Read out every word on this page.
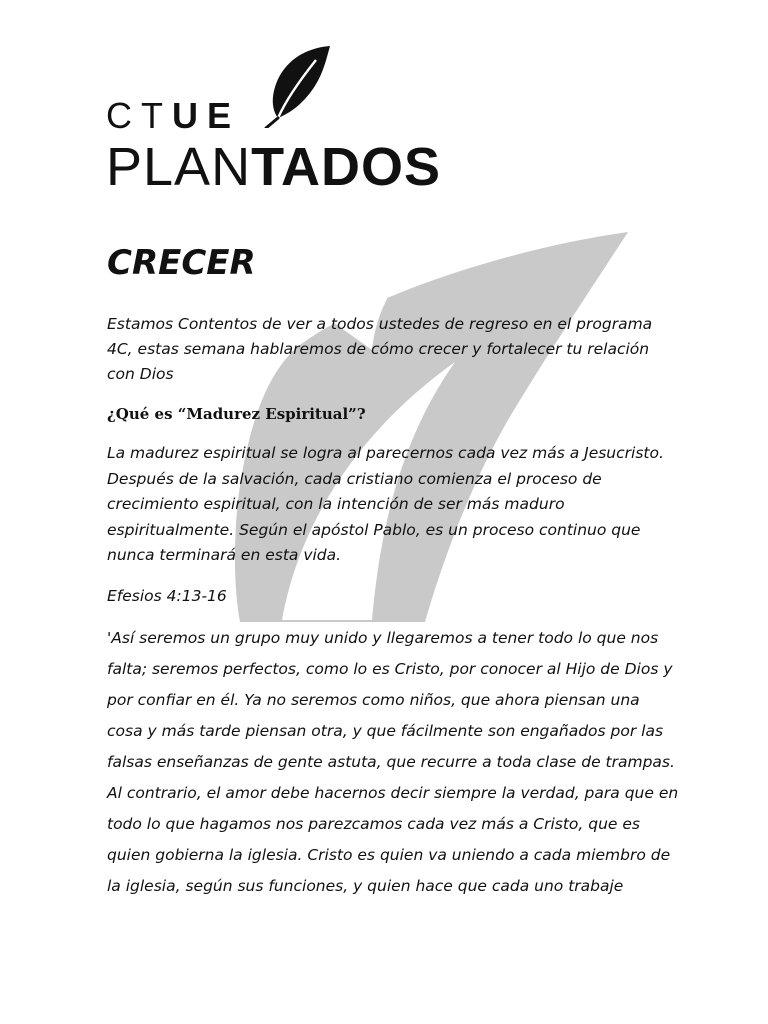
CTUE
PLANTADOS
CRECER

Estamos Contentos de ver a todos ustedes de regreso en el programa 4C, estas semana hablaremos de cómo crecer y fortalecer tu relación con Dios

¿Qué es “Madurez Espiritual”?

La madurez espiritual se logra al parecernos cada vez más a Jesucristo. Después de la salvación, cada cristiano comienza el proceso de crecimiento espiritual, con la intención de ser más maduro espiritualmente. Según el apóstol Pablo, es un proceso continuo que nunca terminará en esta vida.

Efesios 4:13-16

'Así seremos un grupo muy unido y llegaremos a tener todo lo que nos falta; seremos perfectos, como lo es Cristo, por conocer al Hijo de Dios y por confiar en él. Ya no seremos como niños, que ahora piensan una cosa y más tarde piensan otra, y que fácilmente son engañados por las falsas enseñanzas de gente astuta, que recurre a toda clase de trampas. Al contrario, el amor debe hacernos decir siempre la verdad, para que en todo lo que hagamos nos parezcamos cada vez más a Cristo, que es quien gobierna la iglesia. Cristo es quien va uniendo a cada miembro de la iglesia, según sus funciones, y quien hace que cada uno trabaje
